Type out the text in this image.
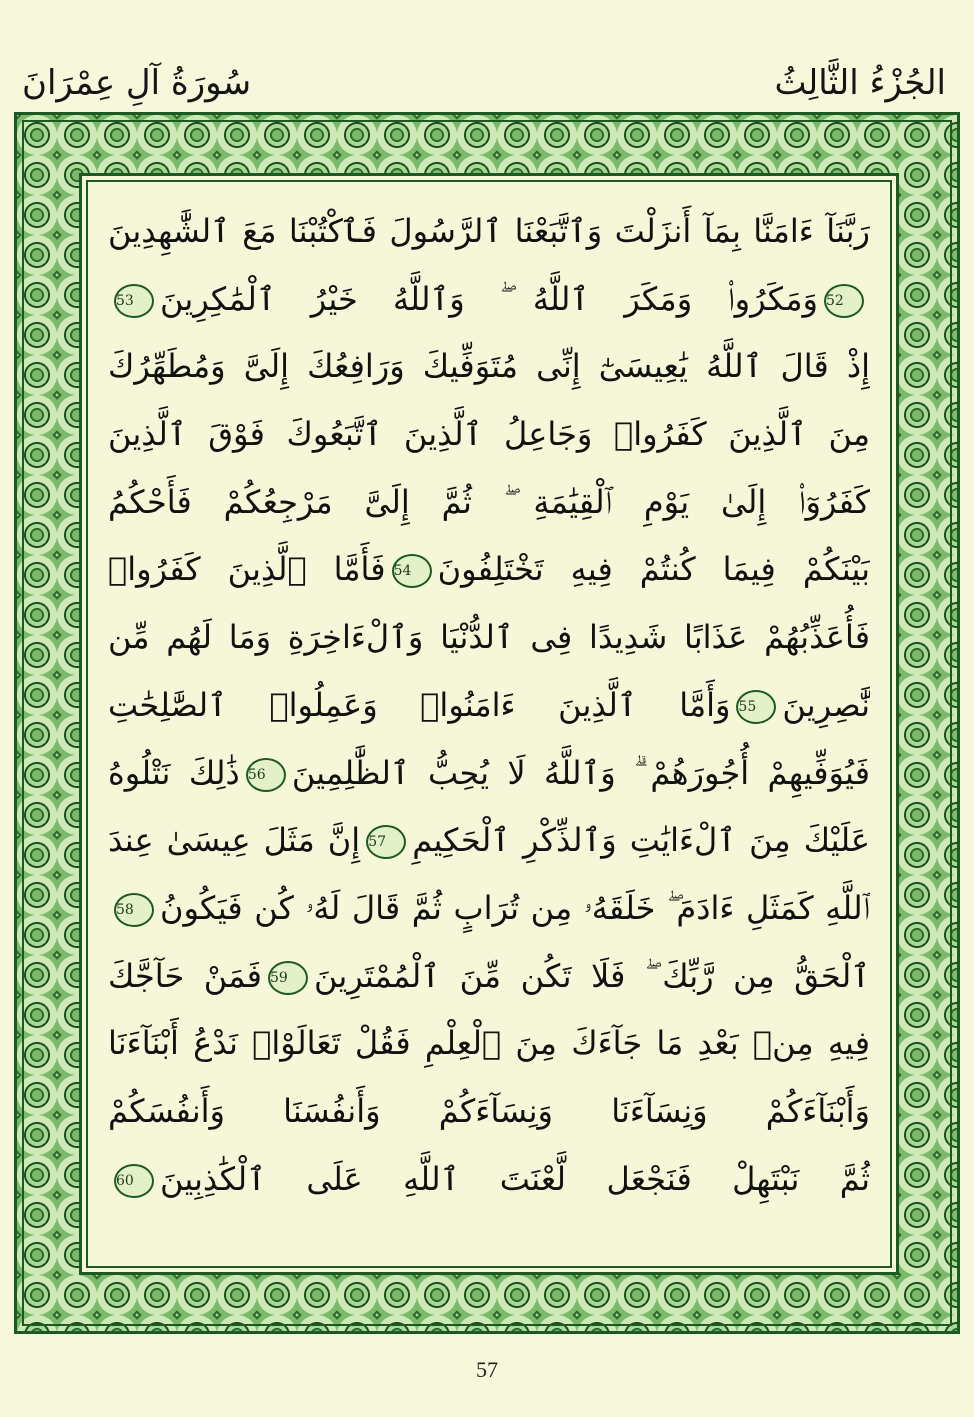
الجُزْءُ الثَّالِثُ
سُورَةُ آلِ عِمْرَانَ
رَبَّنَآ ءَامَنَّا بِمَآ أَنزَلْتَ وَٱتَّبَعْنَا ٱلرَّسُولَ فَٱكْتُبْنَا مَعَ ٱلشَّٰهِدِينَ
52وَمَكَرُوا۟ وَمَكَرَ ٱللَّهُ ۖ وَٱللَّهُ خَيْرُ ٱلْمَٰكِرِينَ53
إِذْ قَالَ ٱللَّهُ يَٰعِيسَىٰٓ إِنِّى مُتَوَفِّيكَ وَرَافِعُكَ إِلَىَّ وَمُطَهِّرُكَ
مِنَ ٱلَّذِينَ كَفَرُوا۟ وَجَاعِلُ ٱلَّذِينَ ٱتَّبَعُوكَ فَوْقَ ٱلَّذِينَ
كَفَرُوٓا۟ إِلَىٰ يَوْمِ ٱلْقِيَٰمَةِ ۖ ثُمَّ إِلَىَّ مَرْجِعُكُمْ فَأَحْكُمُ
بَيْنَكُمْ فِيمَا كُنتُمْ فِيهِ تَخْتَلِفُونَ54فَأَمَّا ٱلَّذِينَ كَفَرُوا۟
فَأُعَذِّبُهُمْ عَذَابًا شَدِيدًا فِى ٱلدُّنْيَا وَٱلْءَاخِرَةِ وَمَا لَهُم مِّن
نَّٰصِرِينَ55وَأَمَّا ٱلَّذِينَ ءَامَنُوا۟ وَعَمِلُوا۟ ٱلصَّٰلِحَٰتِ
فَيُوَفِّيهِمْ أُجُورَهُمْ ۗ وَٱللَّهُ لَا يُحِبُّ ٱلظَّٰلِمِينَ56ذَٰلِكَ نَتْلُوهُ
عَلَيْكَ مِنَ ٱلْءَايَٰتِ وَٱلذِّكْرِ ٱلْحَكِيمِ57إِنَّ مَثَلَ عِيسَىٰ عِندَ
ٱللَّهِ كَمَثَلِ ءَادَمَ ۖ خَلَقَهُۥ مِن تُرَابٍ ثُمَّ قَالَ لَهُۥ كُن فَيَكُونُ58
ٱلْحَقُّ مِن رَّبِّكَ ۖ فَلَا تَكُن مِّنَ ٱلْمُمْتَرِينَ59فَمَنْ حَآجَّكَ
فِيهِ مِنۢ بَعْدِ مَا جَآءَكَ مِنَ ٱلْعِلْمِ فَقُلْ تَعَالَوْا۟ نَدْعُ أَبْنَآءَنَا
وَأَبْنَآءَكُمْ وَنِسَآءَنَا وَنِسَآءَكُمْ وَأَنفُسَنَا وَأَنفُسَكُمْ
ثُمَّ نَبْتَهِلْ فَنَجْعَل لَّعْنَتَ ٱللَّهِ عَلَى ٱلْكَٰذِبِينَ60
57
